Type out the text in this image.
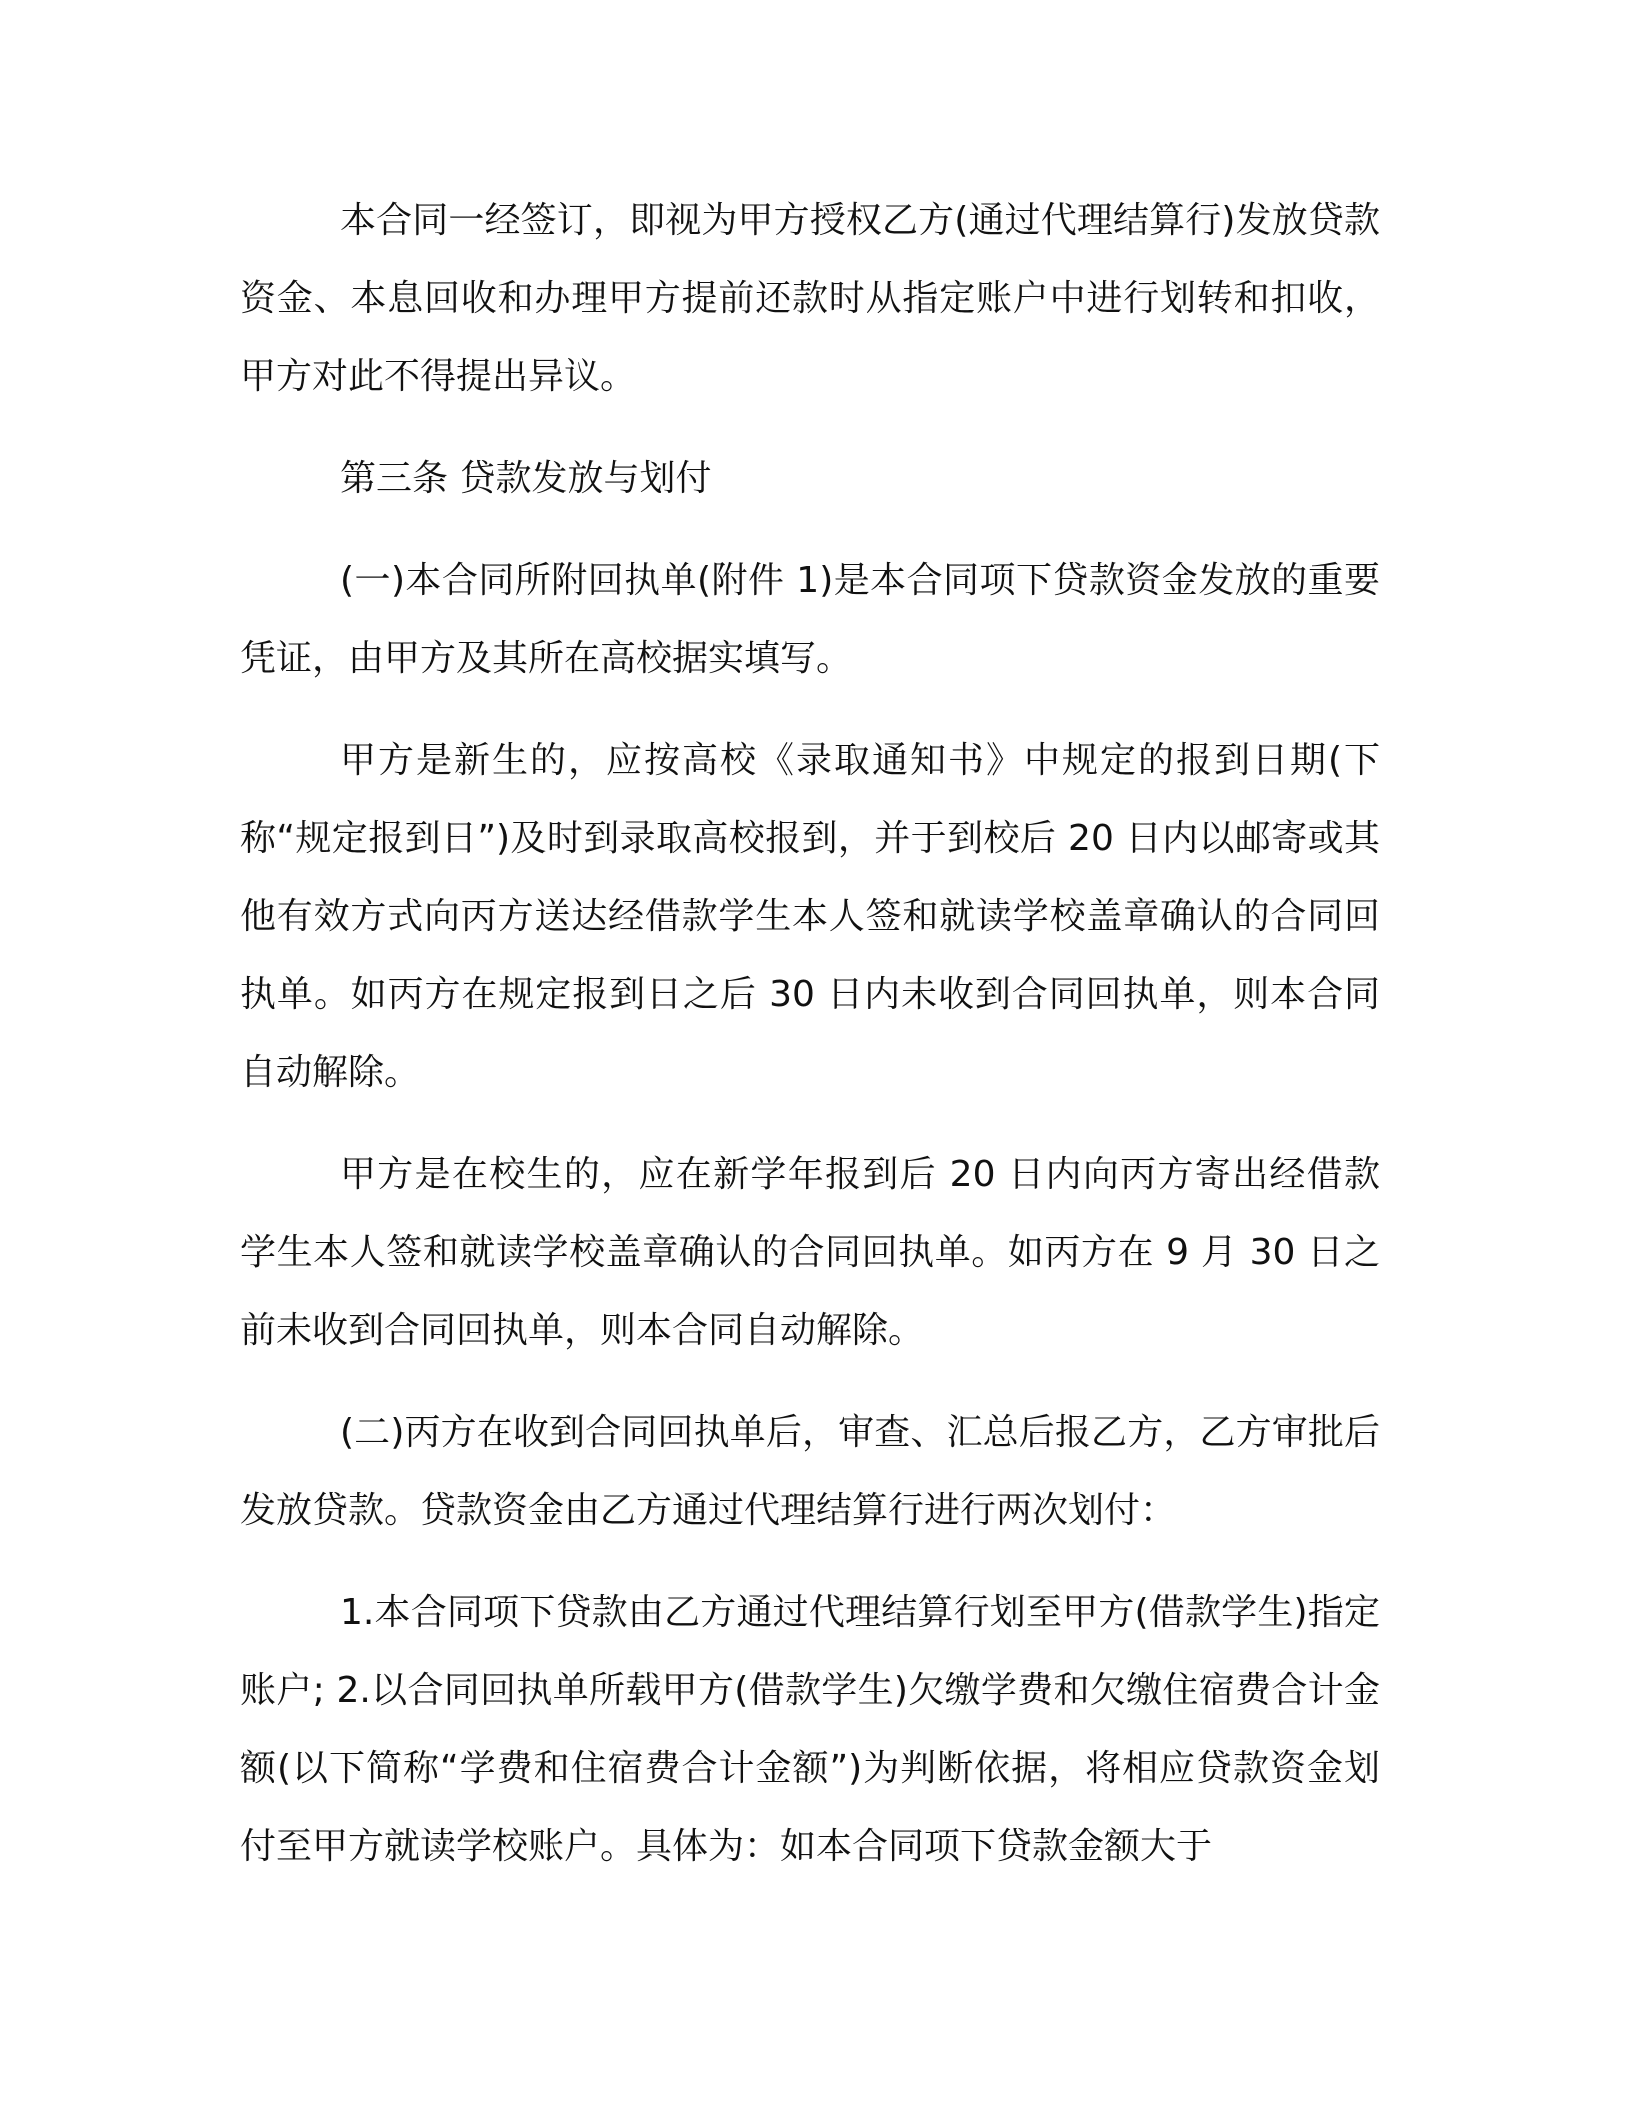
本合同一经签订，即视为甲方授权乙方(通过代理结算行)发放贷款资金、本息回收和办理甲方提前还款时从指定账户中进行划转和扣收，甲方对此不得提出异议。

第三条 贷款发放与划付

(一)本合同所附回执单(附件 1)是本合同项下贷款资金发放的重要凭证，由甲方及其所在高校据实填写。

甲方是新生的，应按高校《录取通知书》中规定的报到日期(下称“规定报到日”)及时到录取高校报到，并于到校后 20 日内以邮寄或其他有效方式向丙方送达经借款学生本人签和就读学校盖章确认的合同回执单。如丙方在规定报到日之后 30 日内未收到合同回执单，则本合同自动解除。

甲方是在校生的，应在新学年报到后 20 日内向丙方寄出经借款学生本人签和就读学校盖章确认的合同回执单。如丙方在 9 月 30 日之前未收到合同回执单，则本合同自动解除。

(二)丙方在收到合同回执单后，审查、汇总后报乙方，乙方审批后发放贷款。贷款资金由乙方通过代理结算行进行两次划付：

1.本合同项下贷款由乙方通过代理结算行划至甲方(借款学生)指定账户; 2.以合同回执单所载甲方(借款学生)欠缴学费和欠缴住宿费合计金额(以下简称“学费和住宿费合计金额”)为判断依据，将相应贷款资金划付至甲方就读学校账户。具体为：如本合同项下贷款金额大于
